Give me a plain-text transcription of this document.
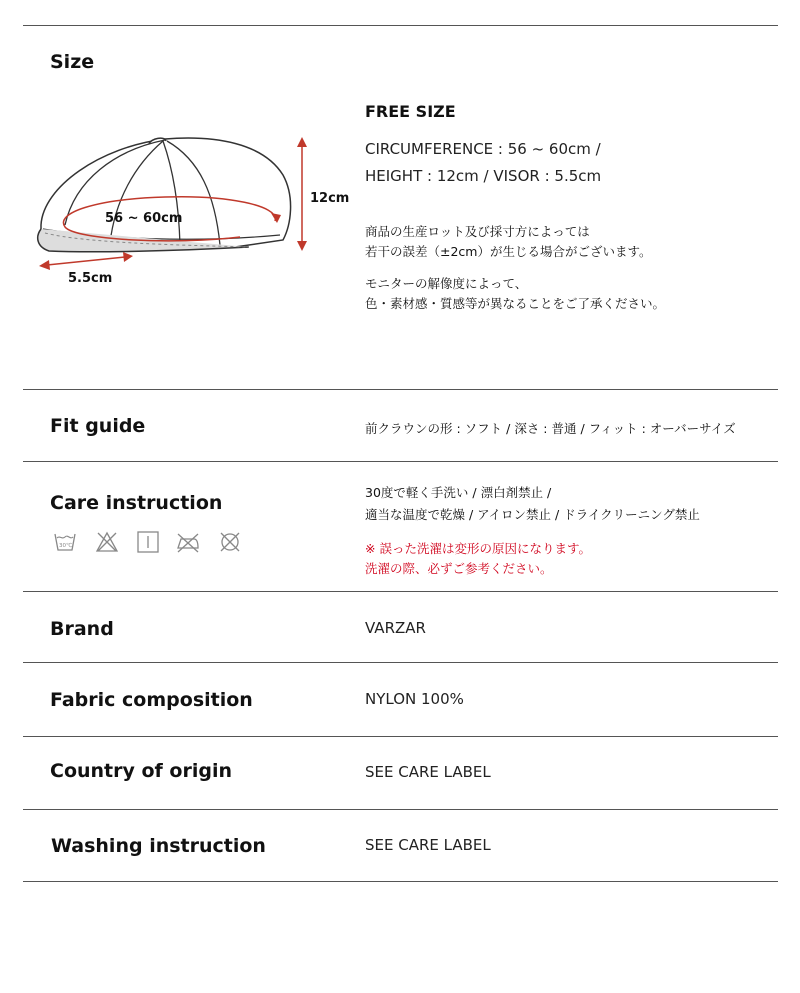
Size
56 ~ 60cm
12cm
5.5cm
FREE SIZE
CIRCUMFERENCE : 56 ~ 60cm /
HEIGHT : 12cm / VISOR : 5.5cm
商品の生産ロット及び採寸方によっては
若干の誤差（±2cm）が生じる場合がございます。
モニターの解像度によって、
色・素材感・質感等が異なることをご了承ください。
Fit guide	前クラウンの形 : ソフト / 深さ : 普通 / フィット : オーバーサイズ
Care instruction
30℃
30度で軽く手洗い / 漂白剤禁止 /
適当な温度で乾燥 / アイロン禁止 / ドライクリーニング禁止
※ 誤った洗濯は変形の原因になります。
洗濯の際、必ずご参考ください。
Brand	VARZAR
Fabric composition	NYLON 100%
Country of origin	SEE CARE LABEL
Washing instruction	SEE CARE LABEL
